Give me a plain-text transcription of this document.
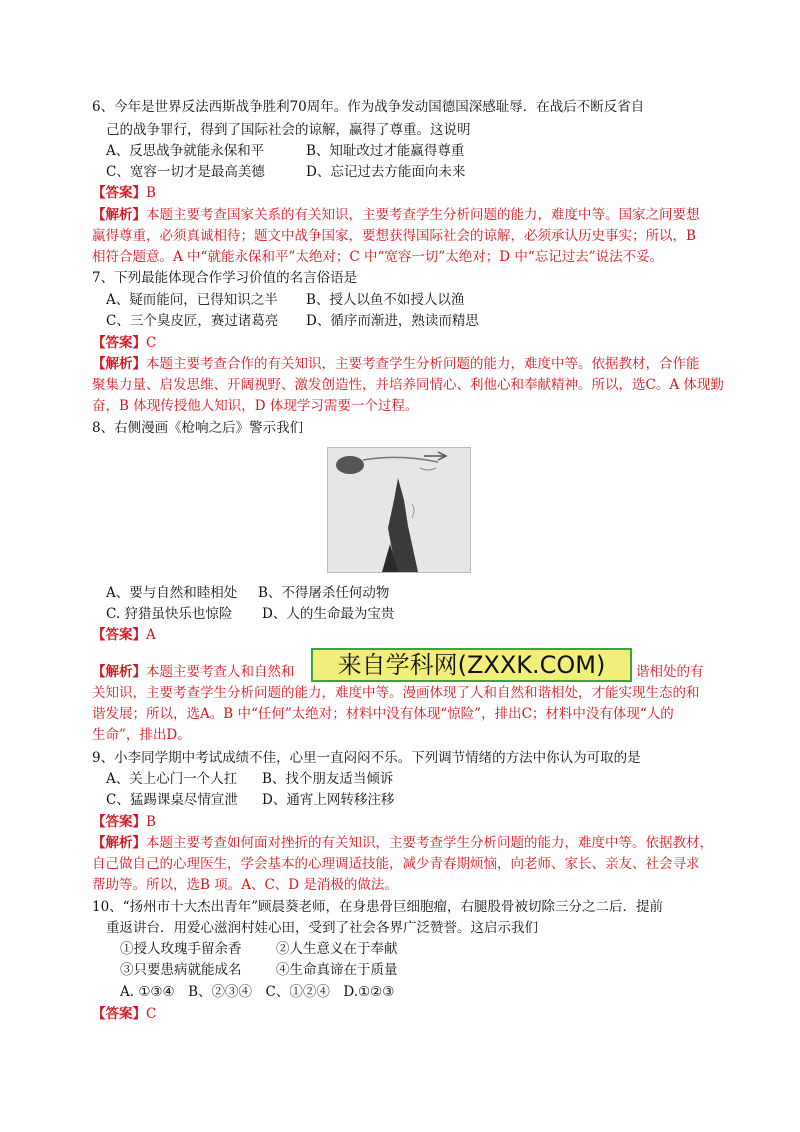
6、今年是世界反法西斯战争胜利70周年。作为战争发动国德国深感耻辱．在战后不断反省自
己的战争罪行，得到了国际社会的谅解，赢得了尊重。这说明
A、反思战争就能永保和平	B、知耻改过才能赢得尊重
C、宽容一切才是最高美德	D、忘记过去方能面向未来
【答案】B
【解析】本题主要考查国家关系的有关知识，主要考查学生分析问题的能力，难度中等。国家之间要想
赢得尊重，必须真诚相待；题文中战争国家，要想获得国际社会的谅解，必须承认历史事实；所以，B
相符合题意。A 中“就能永保和平”太绝对；C 中“宽容一切”太绝对；D 中“忘记过去”说法不妥。
7、下列最能体现合作学习价值的名言俗语是
A、疑而能问，已得知识之半 B、授人以鱼不如授人以渔
C、三个臭皮匠，赛过诸葛亮 D、循序而渐进，熟读而精思
【答案】C
【解析】本题主要考查合作的有关知识，主要考查学生分析问题的能力，难度中等。依据教材，合作能
聚集力量、启发思维、开阔视野、激发创造性，并培养同情心、利他心和奉献精神。所以，选C。A 体现勤
奋，B 体现传授他人知识，D 体现学习需要一个过程。
8、右侧漫画《枪响之后》警示我们
A、要与自然和睦相处 B、不得屠杀任何动物
C. 狩猎虽快乐也惊险 D、人的生命最为宝贵
【答案】A
【解析】本题主要考查人和自然和	谐相处的有
来自学科网(ZXXK.COM)
关知识，主要考查学生分析问题的能力，难度中等。漫画体现了人和自然和谐相处，才能实现生态的和
谐发展；所以，选A。B 中“任何”太绝对；材料中没有体现“惊险”，排出C；材料中没有体现“人的
生命”，排出D。
9、小李同学期中考试成绩不佳，心里一直闷闷不乐。下列调节情绪的方法中你认为可取的是
A、关上心门一个人扛 B、找个朋友适当倾诉
C、猛踢课桌尽情宣泄 D、通宵上网转移注移
【答案】B
【解析】本题主要考查如何面对挫折的有关知识，主要考查学生分析问题的能力，难度中等。依据教材，
自己做自己的心理医生，学会基本的心理调适技能，减少青春期烦恼，向老师、家长、亲友、社会寻求
帮助等。所以，选B 项。A、C、D 是消极的做法。
10、“扬州市十大杰出青年”顾晨葵老师，在身患骨巨细胞瘤，右腿股骨被切除三分之二后．提前
重返讲台．用爱心滋润村娃心田，受到了社会各界广泛赞誉。这启示我们
①授人玫瑰手留余香	②人生意义在于奉献
③只要患病就能成名	④生命真谛在于质量
A. ①③④　B、②③④　C、①②④　D.①②③
【答案】C
